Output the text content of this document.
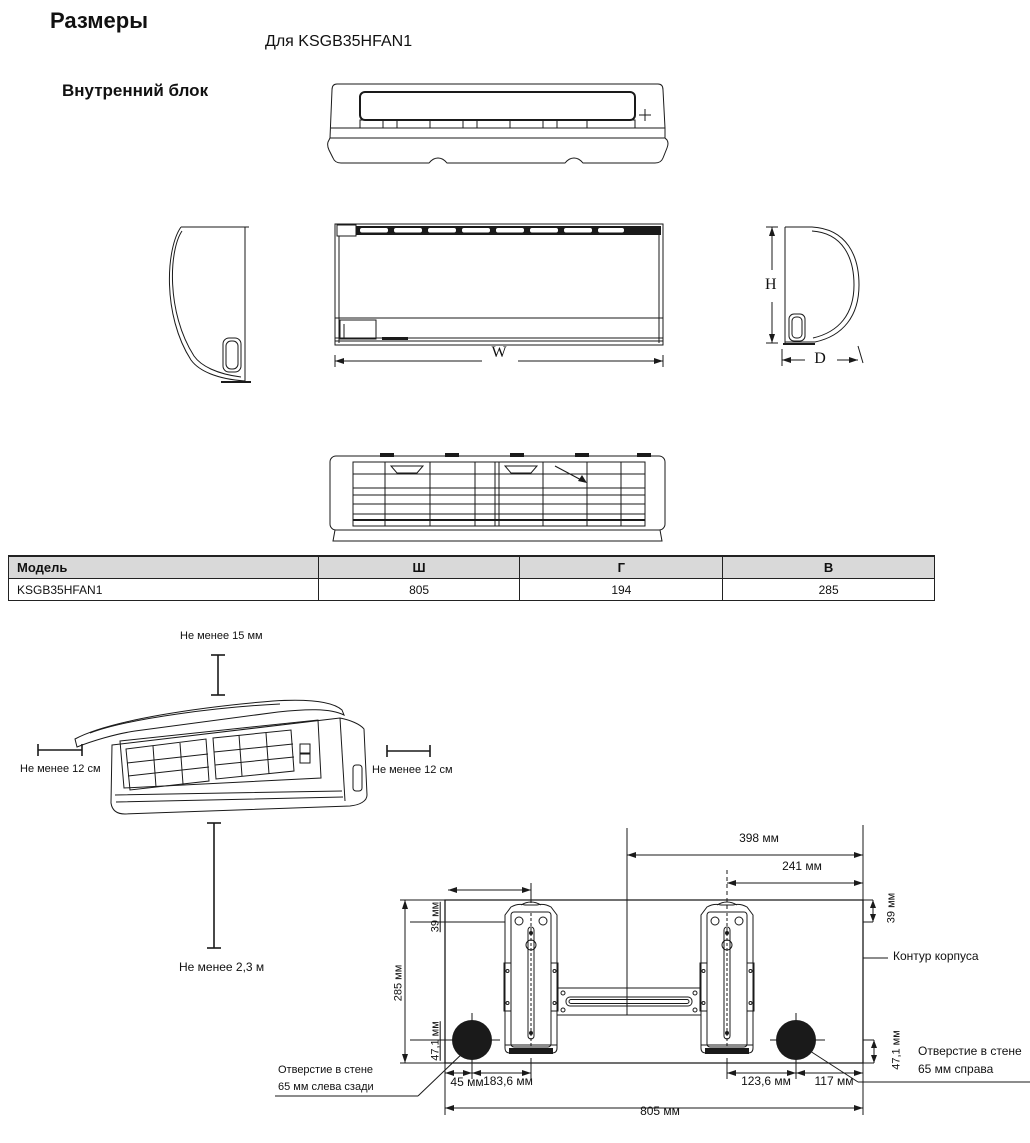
Размеры
Для KSGB35HFAN1
Внутренний блок
W
H
D
Модель	Ш	Г	В
KSGB35HFAN1	805	194	285
Не менее 15 мм
Не менее 12 см	Не менее 12 см
Не менее 2,3 м
398 мм
241 мм
39 мм	39 мм
285 мм
47,1 мм	47,1 мм
45 мм 183,6 мм	123,6 мм 117 мм
805 мм
Контур корпуса
Отверстие в стене
65 мм справа
Отверстие в стене
65 мм слева сзади
